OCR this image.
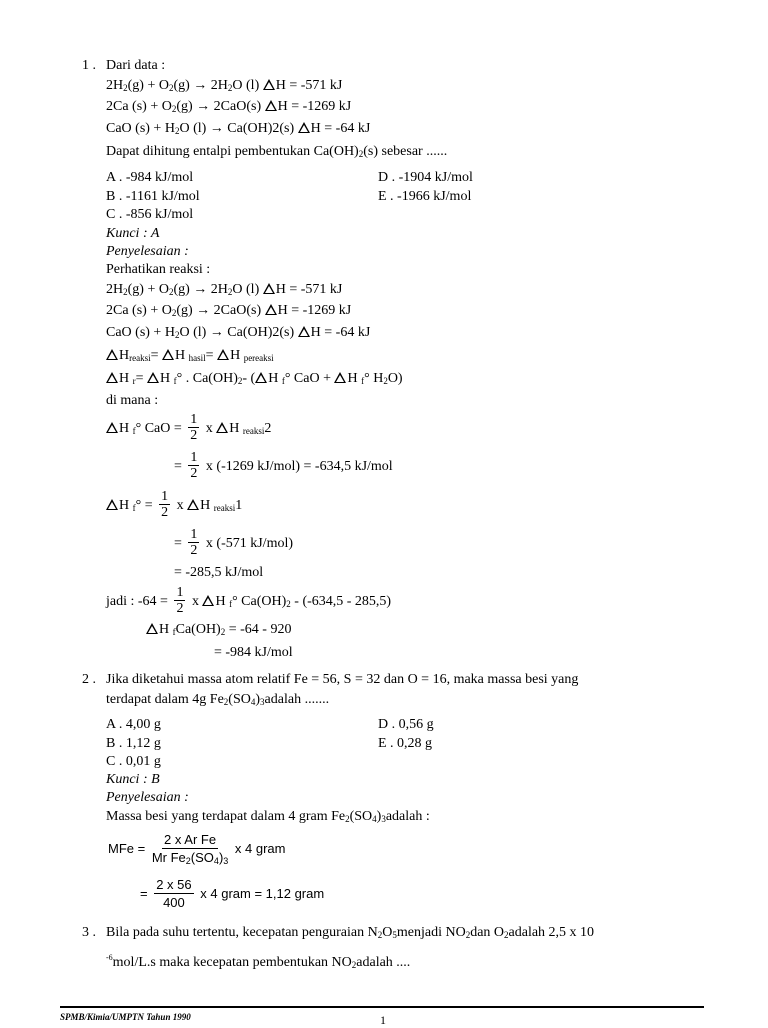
1 . Dari data :
$2H_2(g) + O_2(g) \to 2H_2O$ (l) H = -571 kJ
2Ca $(s) + O_2(g) \to 2CaO(s) H = -1269$ kJ
CaO $(s) + H_2O$ (l) → Ca(OH)2(s) H = -64 kJ
Dapat dihitung entalpi pembentukan $Ca(OH)_2(s)$ sebesar ......
A . -984 kJ/mol	D . -1904 kJ/mol
B . -1161 kJ/mol	E . -1966 kJ/mol
C . -856 kJ/mol
Kunci : A
Penyelesaian :
Perhatikan reaksi :
$2H_2(g) + O_2(g) \to 2H_2O$ (l) H = -571 kJ
2Ca $(s) + O_2(g) \to 2CaO(s) H = -1269$ kJ
CaO $(s) + H_2O$ (l) → Ca(OH)2(s) H = -64 kJ
$H_{reaksi}= H$ $_{hasil}$= H $_{pereaksi}$
H $_r$= H $_f$° . $Ca(OH)_2-$ ( H $_f$° CaO + H $_f$° $H_2O$)
di mana :
H $_f$° CaO = $\frac{1}{2}$ x H $_{reaksi}$2
= $\frac{1}{2}$ x (-1269 kJ/mol) = -634,5 kJ/mol
H $_f^\circ = \frac{1}{2}$ x H $_{reaksi}$1
= $\frac{1}{2}$ x (-571 kJ/mol)
= -285,5 kJ/mol
jadi : $-64 = \frac{1}{2}$ x H $_f$° $Ca(OH)_2 - (-634,5 - 285,5)$
H $_fCa(OH)_2 = -64 - 920$
= -984 kJ/mol
2 . Jika diketahui massa atom relatif Fe = 56, S = 32 dan O = 16, maka massa besi yang
terdapat dalam 4g $Fe_2(SO_4)_3adalah$ .......
A . 4,00 g	D . 0,56 g
B . 1,12 g	E . 0,28 g
C . 0,01 g
Kunci : B
Penyelesaian :
Massa besi yang terdapat dalam 4 gram $Fe_2(SO_4)_3adalah$ :
MFe = $\frac{\text{2 x Ar Fe}}{Mr Fe_2(SO_4)_3}$ x 4 gram
= $\frac{2 x 56}{400}$ x 4 gram = 1,12 gram
3 . Bila pada suhu tertentu, kecepatan penguraian $N_2O_5menjadi$ $NO_2dan$ $O_2adalah$ 2,5 x 10
$^{-6}$mol/L.s maka kecepatan pembentukan $NO_2adalah$ ....
SPMB/Kimia/UMPTN Tahun 1990	1
